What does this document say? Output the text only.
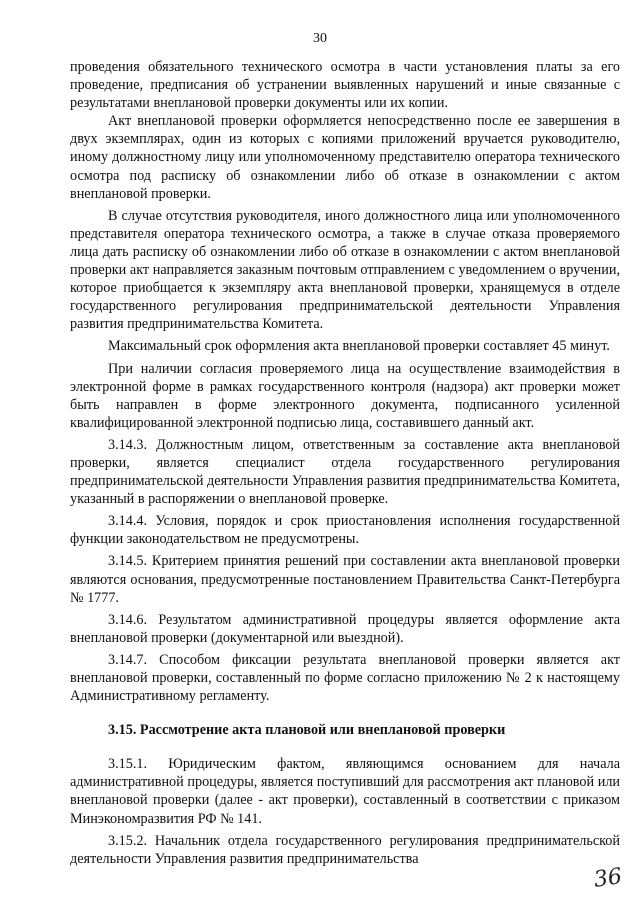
30

проведения обязательного технического осмотра в части установления платы за его проведение, предписания об устранении выявленных нарушений и иные связанные с результатами внеплановой проверки документы или их копии.

Акт внеплановой проверки оформляется непосредственно после ее завершения в двух экземплярах, один из которых с копиями приложений вручается руководителю, иному должностному лицу или уполномоченному представителю оператора технического осмотра под расписку об ознакомлении либо об отказе в ознакомлении с актом внеплановой проверки.

В случае отсутствия руководителя, иного должностного лица или уполномоченного представителя оператора технического осмотра, а также в случае отказа проверяемого лица дать расписку об ознакомлении либо об отказе в ознакомлении с актом внеплановой проверки акт направляется заказным почтовым отправлением с уведомлением о вручении, которое приобщается к экземпляру акта внеплановой проверки, хранящемуся в отделе государственного регулирования предпринимательской деятельности Управления развития предпринимательства Комитета.

Максимальный срок оформления акта внеплановой проверки составляет 45 минут.

При наличии согласия проверяемого лица на осуществление взаимодействия в электронной форме в рамках государственного контроля (надзора) акт проверки может быть направлен в форме электронного документа, подписанного усиленной квалифицированной электронной подписью лица, составившего данный акт.

3.14.3. Должностным лицом, ответственным за составление акта внеплановой проверки, является специалист отдела государственного регулирования предпринимательской деятельности Управления развития предпринимательства Комитета, указанный в распоряжении о внеплановой проверке.

3.14.4. Условия, порядок и срок приостановления исполнения государственной функции законодательством не предусмотрены.

3.14.5. Критерием принятия решений при составлении акта внеплановой проверки являются основания, предусмотренные постановлением Правительства Санкт-Петербурга № 1777.

3.14.6. Результатом административной процедуры является оформление акта внеплановой проверки (документарной или выездной).

3.14.7. Способом фиксации результата внеплановой проверки является акт внеплановой проверки, составленный по форме согласно приложению № 2 к настоящему Административному регламенту.

3.15. Рассмотрение акта плановой или внеплановой проверки

3.15.1. Юридическим фактом, являющимся основанием для начала административной процедуры, является поступивший для рассмотрения акт плановой или внеплановой проверки (далее - акт проверки), составленный в соответствии с приказом Минэкономразвития РФ № 141.

3.15.2. Начальник отдела государственного регулирования предпринимательской деятельности Управления развития предпринимательства

36
